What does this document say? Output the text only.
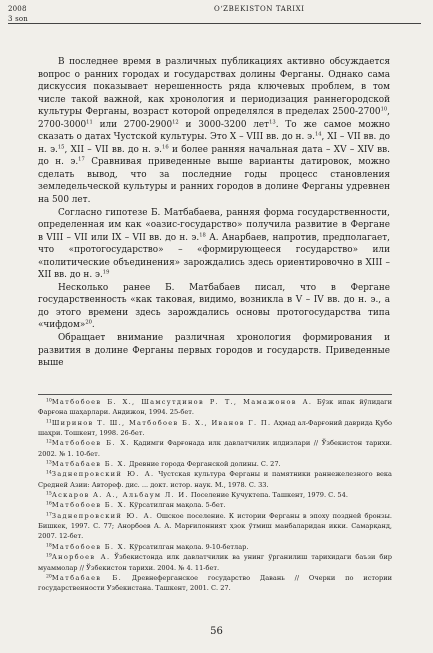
2008	O‘ZBEKISTON TARIXI
3 son

В последнее время в различных публикациях активно обсуждается вопрос о ранних городах и государствах долины Ферганы. Однако сама дискуссия показывает нерешенность ряда ключевых проблем, в том числе такой важной, как хронология и периодизация раннегородской культуры Ферганы, возраст которой определялся в пределах 2500-2700$^{10}$, 2700-3000$^{11}$ или 2700-2900$^{12}$ и 3000-3200 лет$^{13}$. То же самое можно сказать о датах Чустской культуры. Это Х – VIII вв. до н. э.$^{14}$, XI – VII вв. до н. э.$^{15}$, XII – VII вв. до н. э.$^{16}$ и более ранняя начальная дата – XV – XIV вв. до н. э.$^{17}$ Сравнивая приведенные выше варианты датировок, можно сделать вывод, что за последние годы процесс становления земледельческой культуры и ранних городов в долине Ферганы удревнен на 500 лет.

Согласно гипотезе Б. Матбабаева, ранняя форма государственности, определенная им как «оазис-государство» получила развитие в Фергане в VIII – VII или IX – VII вв. до н. э.$^{18}$ А. Анарбаев, напротив, предполагает, что «протогосударство» – «формирующееся государство» или «политические объединения» зарождались здесь ориентировочно в XIII – XII вв. до н. э.$^{19}$

Несколько ранее Б. Матбабаев писал, что в Фергане государственность «как таковая, видимо, возникла в V – IV вв. до н. э., а до этого времени здесь зарождались основы протогосударства типа «чифдом»$^{20}$.

Обращает внимание различная хронология формирования и развития в долине Ферганы первых городов и государств. Приведенные выше

$^{10}$Матбобоев Б. Х., Шамсутдинов Р. Т., Мамажонов А. Бўзк ипак йўлидаги Фарғона шаҳарлари. Андижон, 1994. 25-бет.

$^{11}$Ширинов Т. Ш., Матбобоев Б. Х., Иванов Г. П. Аҳмад ал-Фарғоний даврида Қубо шаҳри. Тошкент, 1998. 26-бет.

$^{12}$Матбобоев Б. Х. Қадимги Фарғонада илк давлатчилик илдизлари // Ўзбекистон тарихи. 2002. № 1. 10-бет.

$^{13}$Матбабаев Б. Х. Древние города Ферганской долины. С. 27.

$^{14}$Заднепровский Ю. А. Чустская культура Ферганы и памятники раннежелезного века Средней Азии: Автореф. дис. ... докт. истор. наук. М., 1978. С. 33.

$^{15}$Аскаров А. А., Альбаум Л. И. Поселение Кучуктепа. Ташкент, 1979. С. 54.

$^{16}$Матбобоев Б. Х. Кўрсатилган мақола. 5-бет.

$^{17}$Заднепровский Ю. А. Ошское поселение. К истории Ферганы в эпоху поздней бронзы. Бишкек, 1997. С. 77; Анорбоев А. А. Марғилонният ҳзок ўтмиш манбаларидан икки. Самарқанд, 2007. 12-бет.

$^{18}$Матбобоев Б. Х. Кўрсатилган мақола. 9-10-бетлар.

$^{19}$Анорбоев А. Ўзбекистонда илк давлатчилик ва унинг ўрганилиш тарихидаги баъзи бир муаммолар // Ўзбекистон тарихи. 2004. № 4. 11-бет.

$^{20}$Матбабаев Б. Древнеферганское государство Давань // Очерки по истории государственности Узбекистана. Ташкент, 2001. С. 27.

56
